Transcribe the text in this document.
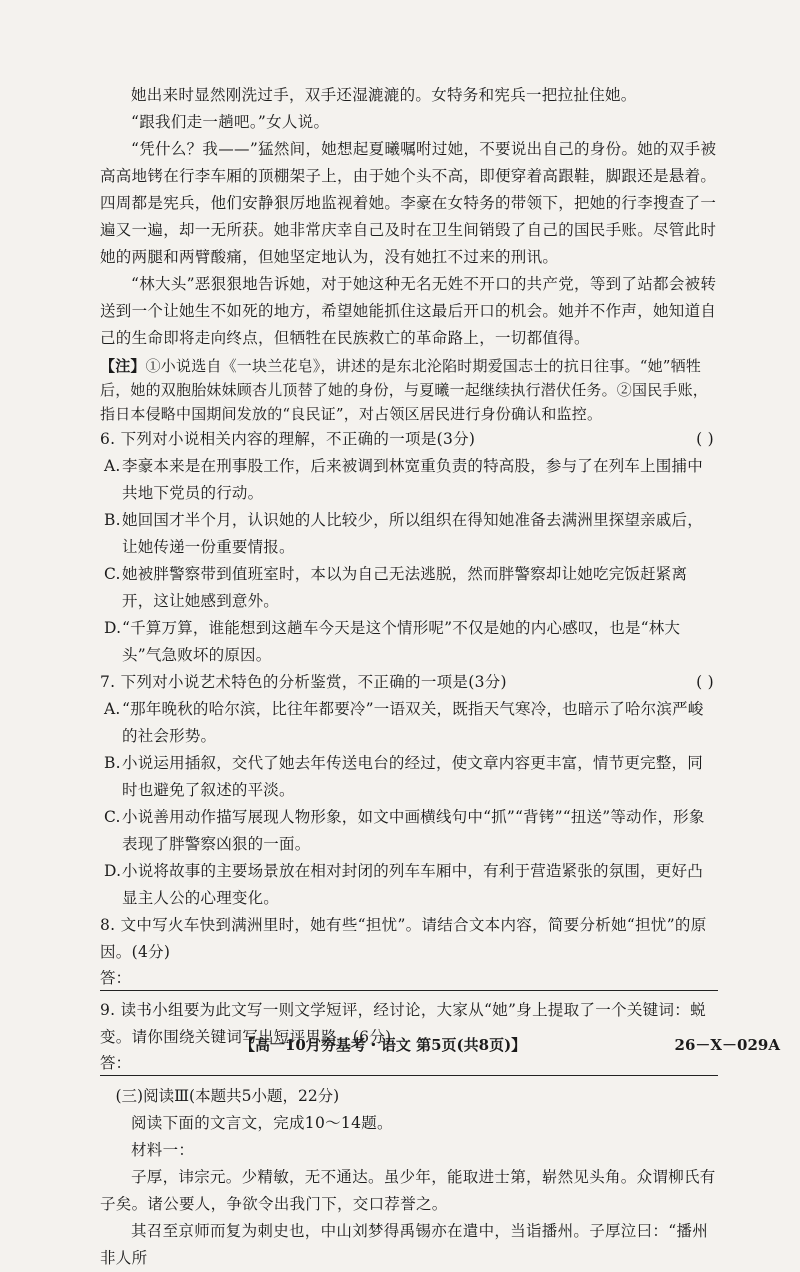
她出来时显然刚洗过手，双手还湿漉漉的。女特务和宪兵一把拉扯住她。

“跟我们走一趟吧。”女人说。

“凭什么？我——”猛然间，她想起夏曦嘱咐过她，不要说出自己的身份。她的双手被高高地铐在行李车厢的顶棚架子上，由于她个头不高，即便穿着高跟鞋，脚跟还是悬着。四周都是宪兵，他们安静狠厉地监视着她。李豪在女特务的带领下，把她的行李搜查了一遍又一遍，却一无所获。她非常庆幸自己及时在卫生间销毁了自己的国民手账。尽管此时她的两腿和两臂酸痛，但她坚定地认为，没有她扛不过来的刑讯。

“林大头”恶狠狠地告诉她，对于她这种无名无姓不开口的共产党，等到了站都会被转送到一个让她生不如死的地方，希望她能抓住这最后开口的机会。她并不作声，她知道自己的生命即将走向终点，但牺牲在民族救亡的革命路上，一切都值得。

【注】①小说选自《一块兰花皂》，讲述的是东北沦陷时期爱国志士的抗日往事。“她”牺牲后，她的双胞胎妹妹顾杏儿顶替了她的身份，与夏曦一起继续执行潜伏任务。②国民手账，指日本侵略中国期间发放的“良民证”，对占领区居民进行身份确认和监控。

6. 下列对小说相关内容的理解，不正确的一项是(3分)	( )

A.李豪本来是在刑事股工作，后来被调到林宽重负责的特高股，参与了在列车上围捕中共地下党员的行动。

B.她回国才半个月，认识她的人比较少，所以组织在得知她准备去满洲里探望亲戚后，让她传递一份重要情报。

C.她被胖警察带到值班室时，本以为自己无法逃脱，然而胖警察却让她吃完饭赶紧离开，这让她感到意外。

D.“千算万算，谁能想到这趟车今天是这个情形呢”不仅是她的内心感叹，也是“林大头”气急败坏的原因。

7. 下列对小说艺术特色的分析鉴赏，不正确的一项是(3分)	( )

A.“那年晚秋的哈尔滨，比往年都要冷”一语双关，既指天气寒冷，也暗示了哈尔滨严峻的社会形势。

B.小说运用插叙，交代了她去年传送电台的经过，使文章内容更丰富，情节更完整，同时也避免了叙述的平淡。

C.小说善用动作描写展现人物形象，如文中画横线句中“抓”“背铐”“扭送”等动作，形象表现了胖警察凶狠的一面。

D.小说将故事的主要场景放在相对封闭的列车车厢中，有利于营造紧张的氛围，更好凸显主人公的心理变化。

8. 文中写火车快到满洲里时，她有些“担忧”。请结合文本内容，简要分析她“担忧”的原因。(4分)

答：

9. 读书小组要为此文写一则文学短评，经讨论，大家从“她”身上提取了一个关键词：蜕变。请你围绕关键词写出短评思路。(6分)

答：

(三)阅读Ⅲ(本题共5小题，22分)

阅读下面的文言文，完成10～14题。

材料一：

子厚，讳宗元。少精敏，无不通达。虽少年，能取进士第，崭然见头角。众谓柳氏有子矣。诸公要人，争欲令出我门下，交口荐誉之。

其召至京师而复为刺史也，中山刘梦得禹锡亦在遣中，当诣播州。子厚泣曰：“播州非人所

【高一10月夯基考・语文 第5页(共8页)】	26－X－029A
